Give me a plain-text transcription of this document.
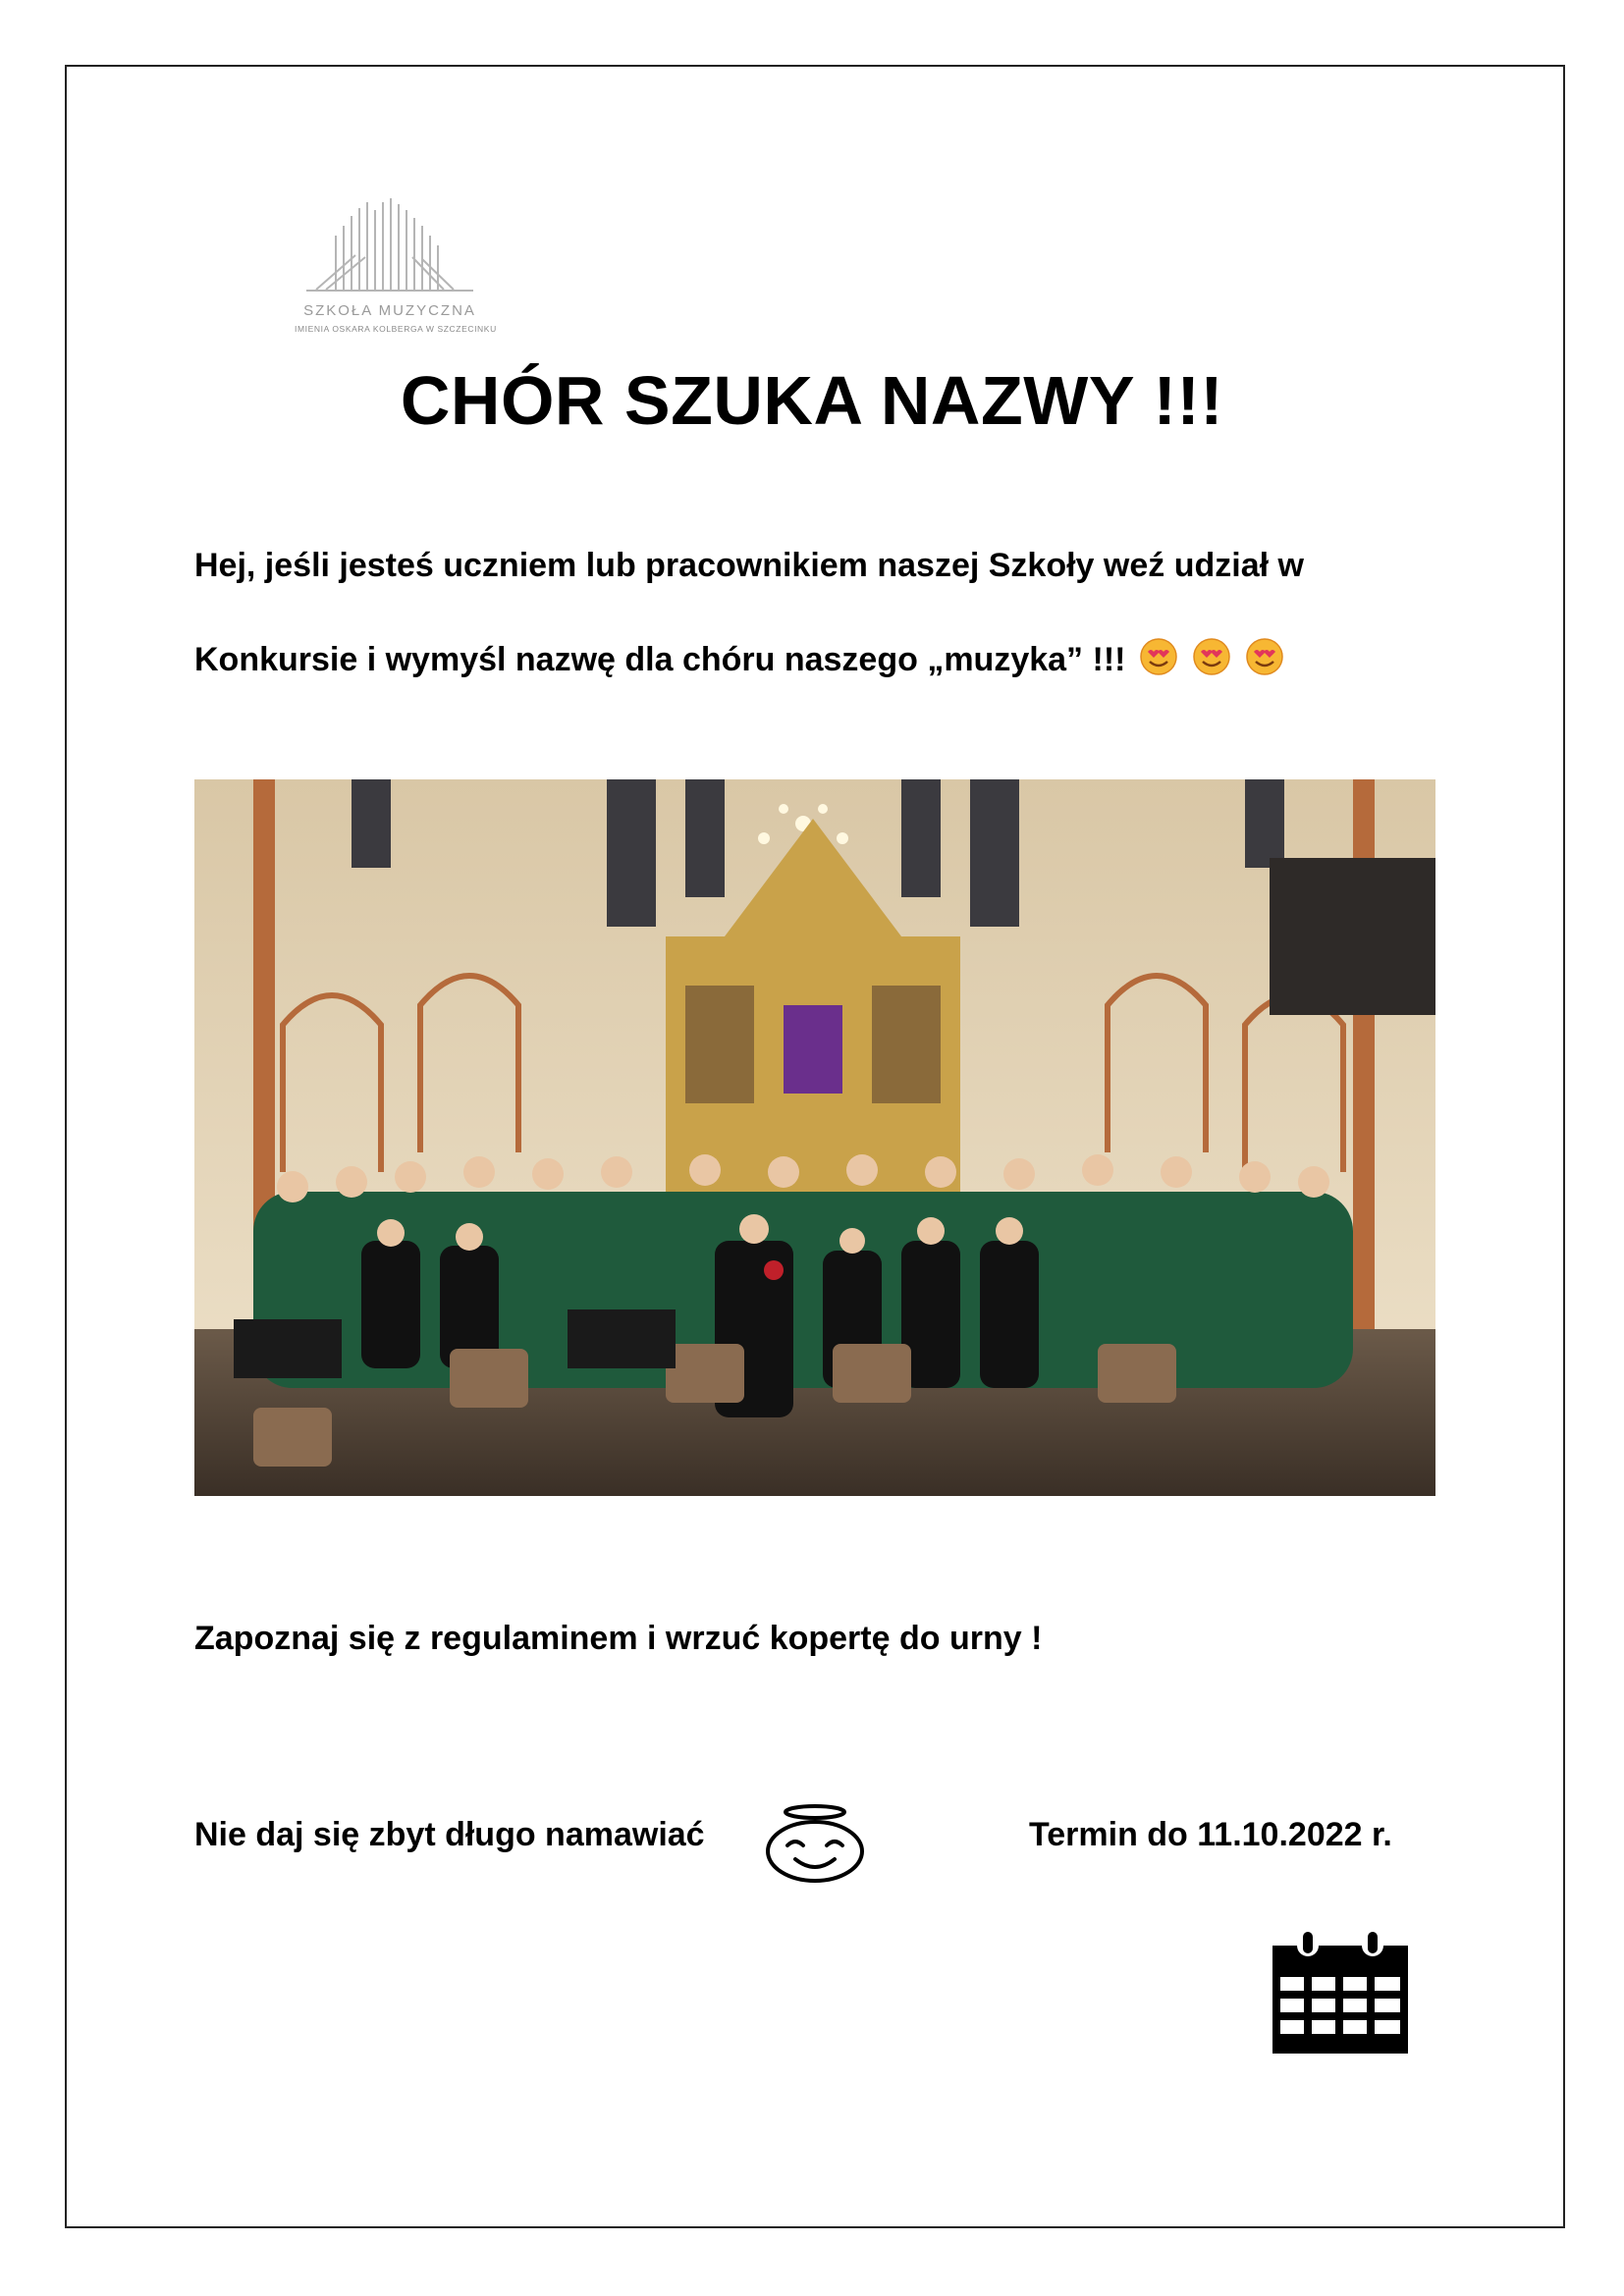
SZKOŁA MUZYCZNA
IMIENIA OSKARA KOLBERGA W SZCZECINKU
CHÓR SZUKA NAZWY !!!
Hej, jeśli jesteś uczniem lub pracownikiem naszej Szkoły weź udział w
Konkursie i wymyśl nazwę dla chóru naszego „muzyka” !!!
Zapoznaj się z regulaminem i wrzuć kopertę do urny !
Nie daj się zbyt długo namawiać	Termin do 11.10.2022 r.
